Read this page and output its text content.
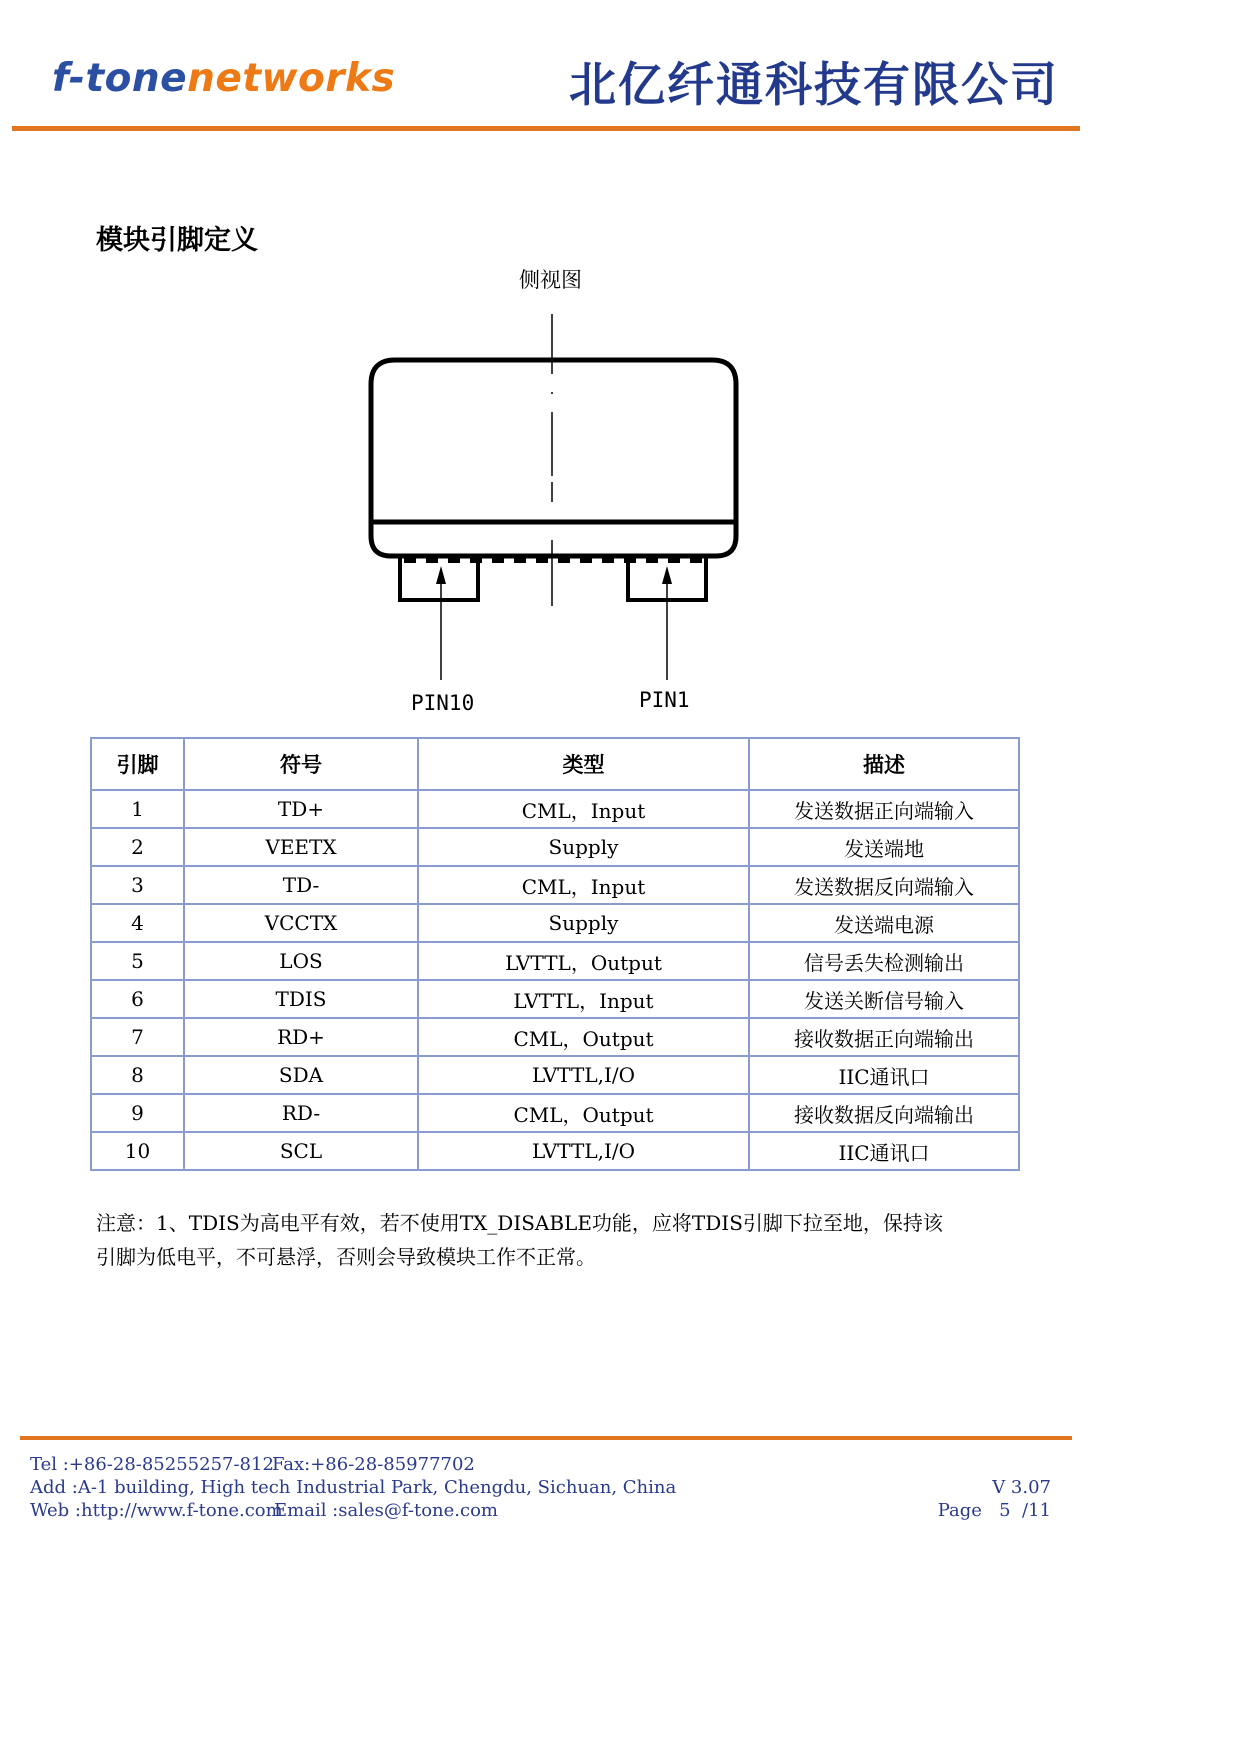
f-tonenetworks	北亿纤通科技有限公司
模块引脚定义
侧视图
PIN10	PIN1
引脚	符号	类型	描述
1	TD+	CML，Input	发送数据正向端输入
2	VEETX	Supply	发送端地
3	TD-	CML，Input	发送数据反向端输入
4	VCCTX	Supply	发送端电源
5	LOS	LVTTL，Output	信号丢失检测输出
6	TDIS	LVTTL，Input	发送关断信号输入
7	RD+	CML，Output	接收数据正向端输出
8	SDA	LVTTL,I/O	IIC通讯口
9	RD-	CML，Output	接收数据反向端输出
10	SCL	LVTTL,I/O	IIC通讯口
注意：1、TDIS为高电平有效，若不使用TX_DISABLE功能，应将TDIS引脚下拉至地，保持该
引脚为低电平，不可悬浮，否则会导致模块工作不正常。
Tel :+86-28-85255257-812
Fax:+86-28-85977702
Add :A-1 building, High tech Industrial Park, Chengdu, Sichuan, China
Web :http://www.f-tone.com
Email :sales@f-tone.com
V 3.07
Page 5 /11
